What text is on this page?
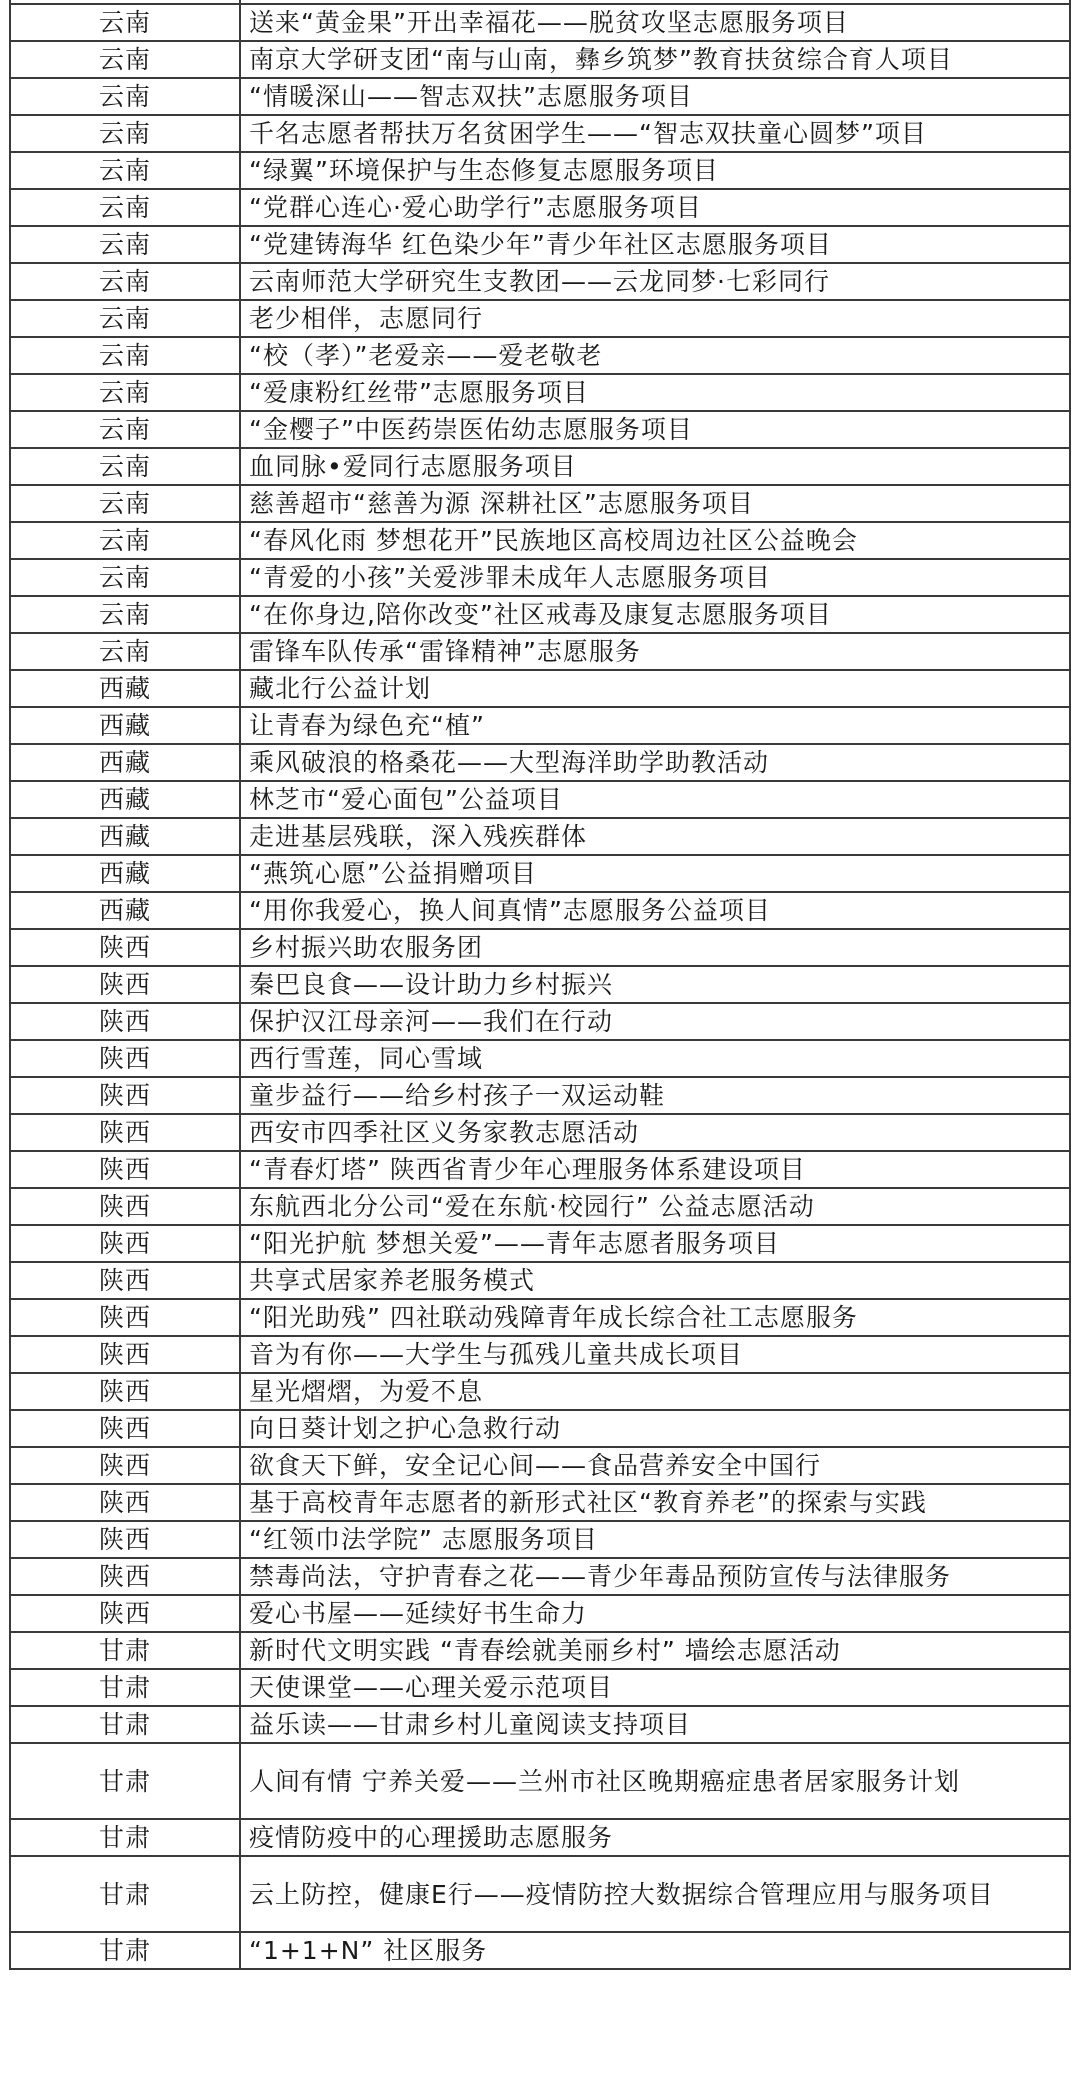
云南	送来“黄金果”开出幸福花——脱贫攻坚志愿服务项目
云南	南京大学研支团“南与山南，彝乡筑梦”教育扶贫综合育人项目
云南	“情暖深山——智志双扶”志愿服务项目
云南	千名志愿者帮扶万名贫困学生——“智志双扶童心圆梦”项目
云南	“绿翼”环境保护与生态修复志愿服务项目
云南	“党群心连心·爱心助学行”志愿服务项目
云南	“党建铸海华 红色染少年”青少年社区志愿服务项目
云南	云南师范大学研究生支教团——云龙同梦·七彩同行
云南	老少相伴，志愿同行
云南	“校（孝）”老爱亲——爱老敬老
云南	“爱康粉红丝带”志愿服务项目
云南	“金樱子”中医药崇医佑幼志愿服务项目
云南	血同脉•爱同行志愿服务项目
云南	慈善超市“慈善为源 深耕社区”志愿服务项目
云南	“春风化雨 梦想花开”民族地区高校周边社区公益晚会
云南	“青爱的小孩”关爱涉罪未成年人志愿服务项目
云南	“在你身边,陪你改变”社区戒毒及康复志愿服务项目
云南	雷锋车队传承“雷锋精神”志愿服务
西藏	藏北行公益计划
西藏	让青春为绿色充“植”
西藏	乘风破浪的格桑花——大型海洋助学助教活动
西藏	林芝市“爱心面包”公益项目
西藏	走进基层残联，深入残疾群体
西藏	“燕筑心愿”公益捐赠项目
西藏	“用你我爱心，换人间真情”志愿服务公益项目
陕西	乡村振兴助农服务团
陕西	秦巴良食——设计助力乡村振兴
陕西	保护汉江母亲河——我们在行动
陕西	西行雪莲，同心雪域
陕西	童步益行——给乡村孩子一双运动鞋
陕西	西安市四季社区义务家教志愿活动
陕西	“青春灯塔” 陕西省青少年心理服务体系建设项目
陕西	东航西北分公司“爱在东航·校园行” 公益志愿活动
陕西	“阳光护航 梦想关爱”——青年志愿者服务项目
陕西	共享式居家养老服务模式
陕西	“阳光助残” 四社联动残障青年成长综合社工志愿服务
陕西	音为有你——大学生与孤残儿童共成长项目
陕西	星光熠熠，为爱不息
陕西	向日葵计划之护心急救行动
陕西	欲食天下鲜，安全记心间——食品营养安全中国行
陕西	基于高校青年志愿者的新形式社区“教育养老”的探索与实践
陕西	“红领巾法学院” 志愿服务项目
陕西	禁毒尚法，守护青春之花——青少年毒品预防宣传与法律服务
陕西	爱心书屋——延续好书生命力
甘肃	新时代文明实践 “青春绘就美丽乡村” 墙绘志愿活动
甘肃	天使课堂——心理关爱示范项目
甘肃	益乐读——甘肃乡村儿童阅读支持项目
甘肃	人间有情 宁养关爱——兰州市社区晚期癌症患者居家服务计划
甘肃	疫情防疫中的心理援助志愿服务
甘肃	云上防控，健康E行——疫情防控大数据综合管理应用与服务项目
甘肃	“1+1+N” 社区服务
